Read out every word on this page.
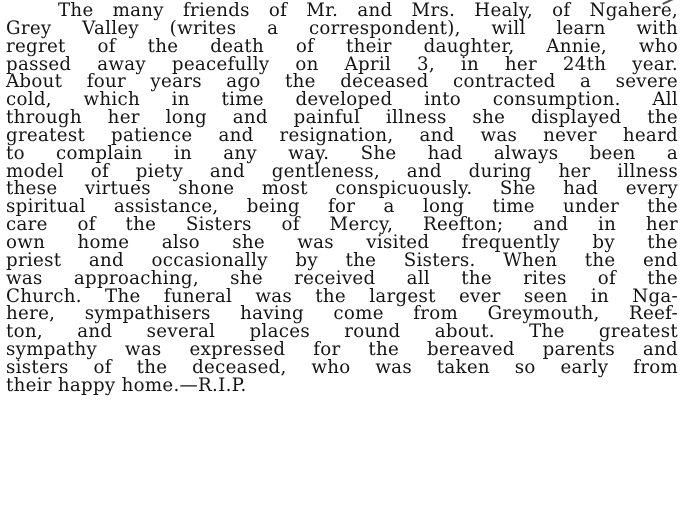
The many friends of Mr. and Mrs. Healy, of Ngahere,
Grey Valley (writes a correspondent), will learn with
regret of the death of their daughter, Annie, who
passed away peacefully on April 3, in her 24th year.
About four years ago the deceased contracted a severe
cold, which in time developed into consumption. All
through her long and painful illness she displayed the
greatest patience and resignation, and was never heard
to complain in any way. She had always been a
model of piety and gentleness, and during her illness
these virtues shone most conspicuously. She had every
spiritual assistance, being for a long time under the
care of the Sisters of Mercy, Reefton; and in her
own home also she was visited frequently by the
priest and occasionally by the Sisters. When the end
was approaching, she received all the rites of the
Church. The funeral was the largest ever seen in Nga-
here, sympathisers having come from Greymouth, Reef-
ton, and several places round about. The greatest
sympathy was expressed for the bereaved parents and
sisters of the deceased, who was taken so early from
their happy home.—R.I.P.
